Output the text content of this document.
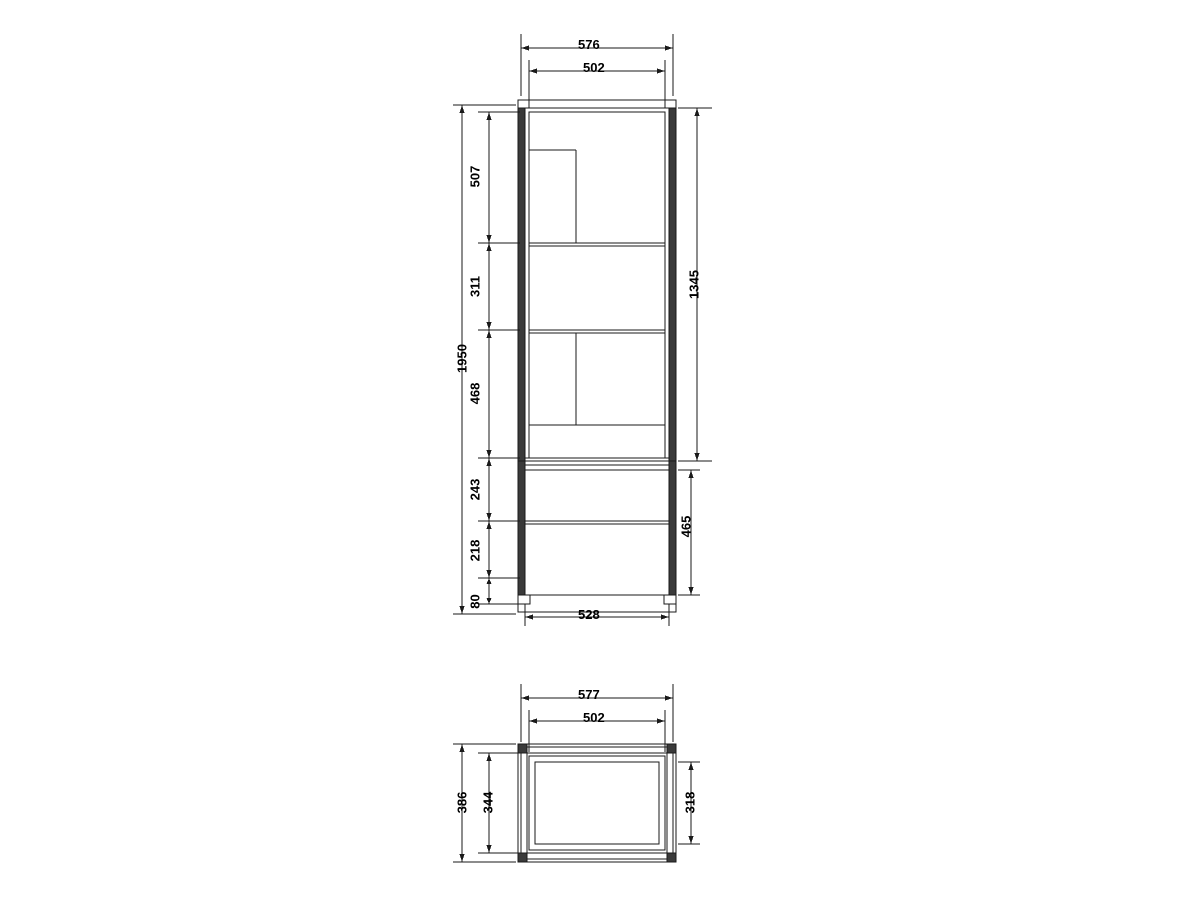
576
502
528
1950
507
311
468
243
218
80
1345
465
577
502
386 344	318
